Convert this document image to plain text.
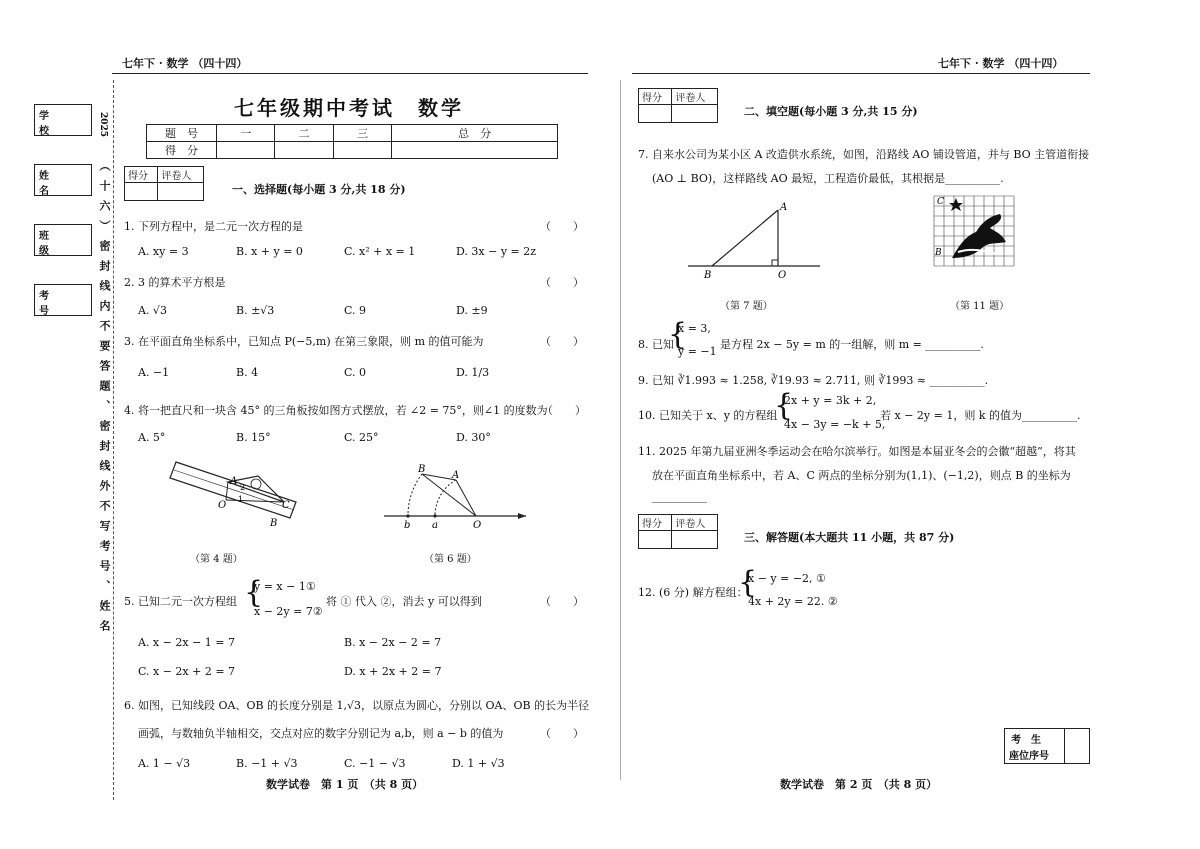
七年下 · 数学 （四十四）
学　校
姓　名
班　级
考　号
2025
（十六）密封线内不要答题、密封线外不写考号、姓名
七年级期中考试　数学
题　号	一	二	三	总　分
得　分				
得分	评卷人

一、选择题(每小题 3 分,共 18 分)
1. 下列方程中，是二元一次方程的是	（　　）
A. xy = 3	B. x + y = 0	C. x² + x = 1	D. 3x − y = 2z
2. 3 的算术平方根是	（　　）
A. √3	B. ±√3	C. 9	D. ±9
3. 在平面直角坐标系中，已知点 P(−5,m) 在第三象限，则 m 的值可能为	（　　）
A. −1	B. 4	C. 0	D. 1/3
4. 将一把直尺和一块含 45° 的三角板按如图方式摆放，若 ∠2 = 75°，则∠1 的度数为
（　　）
A. 5°	B. 15°	C. 25°	D. 30°
A
O	C
B
1
2
（第 4 题）
B
A
b a	O
（第 6 题）
5. 已知二元一次方程组 {
y = x − 1①
x − 2y = 7②
将 ① 代入 ②，消去 y 可以得到	（　　）
A. x − 2x − 1 = 7	B. x − 2x − 2 = 7
C. x − 2x + 2 = 7	D. x + 2x + 2 = 7
6. 如图，已知线段 OA、OB 的长度分别是 1,√3，以原点为圆心，分别以 OA、OB 的长为半径
画弧，与数轴负半轴相交，交点对应的数字分别记为 a,b，则 a − b 的值为	（　　）
A. 1 − √3	B. −1 + √3	C. −1 − √3	D. 1 + √3
数学试卷　第 1 页　（共 8 页）
七年下 · 数学 （四十四）
得分	评卷人

二、填空题(每小题 3 分,共 15 分)
7. 自来水公司为某小区 A 改造供水系统，如图，沿路线 AO 铺设管道，并与 BO 主管道衔接
(AO ⊥ BO)，这样路线 AO 最短，工程造价最低，其根据是__________.
A
B	O
（第 7 题）
C
B
（第 11 题）
8. 已知
{
x = 3,
y = −1
是方程 2x − 5y = m 的一组解，则 m = __________.
9. 已知 ∛1.993 ≈ 1.258, ∛19.93 ≈ 2.711, 则 ∛1993 ≈ __________.
10. 已知关于 x、y 的方程组
{
2x + y = 3k + 2,
4x − 3y = −k + 5,
若 x − 2y = 1，则 k 的值为__________.
11. 2025 年第九届亚洲冬季运动会在哈尔滨举行。如图是本届亚冬会的会徽“超越”，将其
放在平面直角坐标系中，若 A、C 两点的坐标分别为(1,1)、(−1,2)，则点 B 的坐标为
__________
得分	评卷人

三、解答题(本大题共 11 小题，共 87 分)
12. (6 分) 解方程组：
{
x − y = −2, ①
4x + 2y = 22. ②
考　生
座位序号
数学试卷　第 2 页　（共 8 页）
